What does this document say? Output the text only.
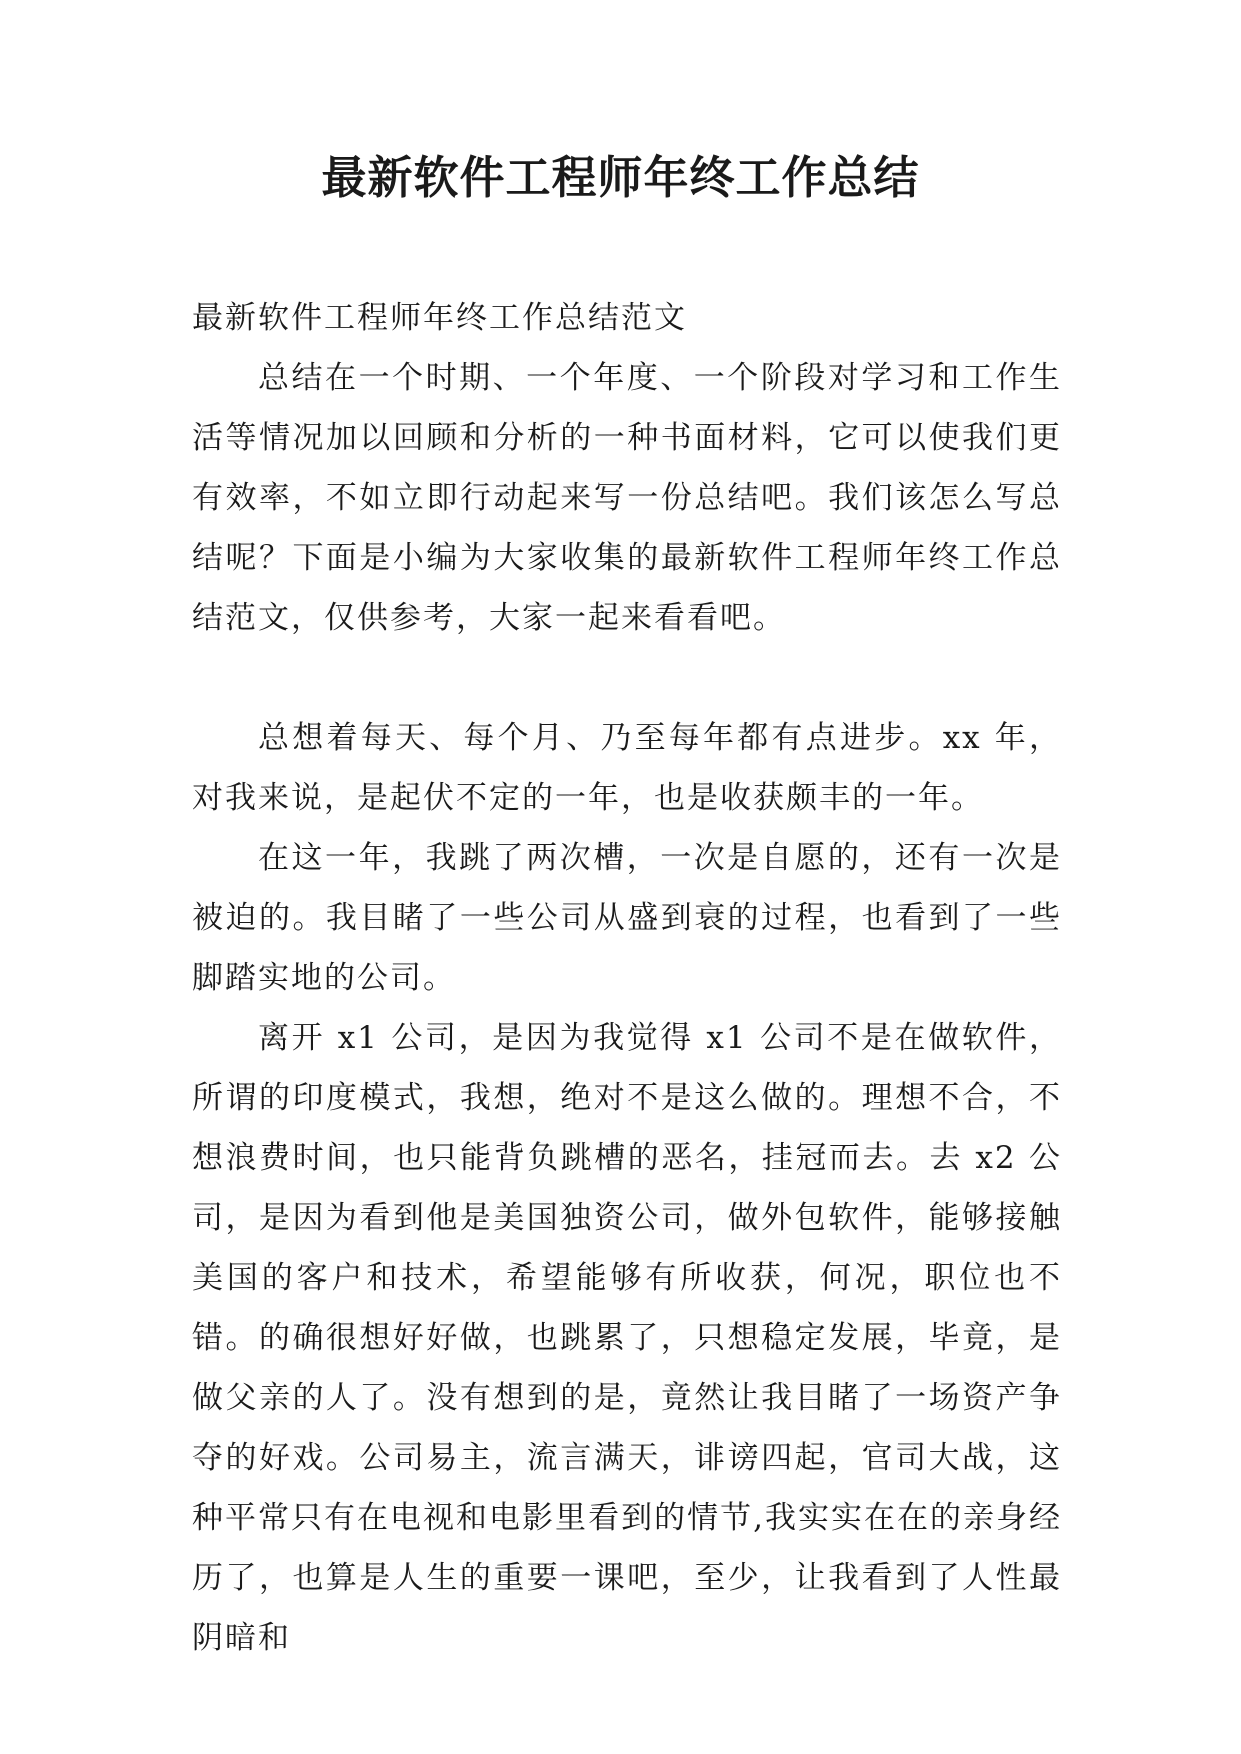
最新软件工程师年终工作总结

最新软件工程师年终工作总结范文

总结在一个时期、一个年度、一个阶段对学习和工作生活等情况加以回顾和分析的一种书面材料，它可以使我们更有效率，不如立即行动起来写一份总结吧。我们该怎么写总结呢？下面是小编为大家收集的最新软件工程师年终工作总结范文，仅供参考，大家一起来看看吧。

总想着每天、每个月、乃至每年都有点进步。xx 年，对我来说，是起伏不定的一年，也是收获颇丰的一年。

在这一年，我跳了两次槽，一次是自愿的，还有一次是被迫的。我目睹了一些公司从盛到衰的过程，也看到了一些脚踏实地的公司。

离开 x1 公司，是因为我觉得 x1 公司不是在做软件，所谓的印度模式，我想，绝对不是这么做的。理想不合，不想浪费时间，也只能背负跳槽的恶名，挂冠而去。去 x2 公司，是因为看到他是美国独资公司，做外包软件，能够接触美国的客户和技术，希望能够有所收获，何况，职位也不错。的确很想好好做，也跳累了，只想稳定发展，毕竟，是做父亲的人了。没有想到的是，竟然让我目睹了一场资产争夺的好戏。公司易主，流言满天，诽谤四起，官司大战，这种平常只有在电视和电影里看到的情节,我实实在在的亲身经历了，也算是人生的重要一课吧，至少，让我看到了人性最阴暗和
